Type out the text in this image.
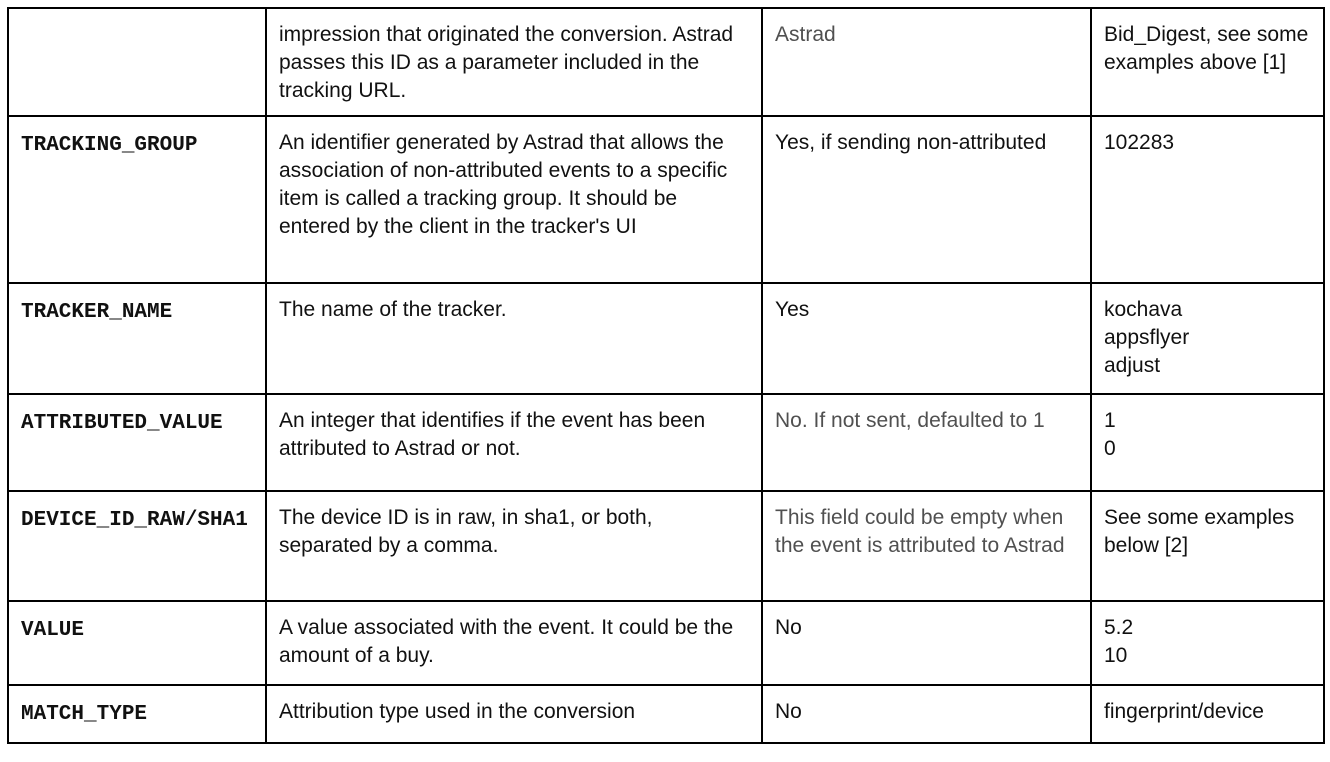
	impression that originated the conversion. Astrad passes this ID as a parameter included in the tracking URL.	Astrad	Bid_Digest, see some examples above [1]

TRACKING_GROUP	An identifier generated by Astrad that allows the association of non-attributed events to a specific item is called a tracking group. It should be entered by the client in the tracker's UI	Yes, if sending non-attributed	102283

TRACKER_NAME	The name of the tracker.	Yes	kochava
appsflyer
adjust

ATTRIBUTED_VALUE	An integer that identifies if the event has been attributed to Astrad or not.	No. If not sent, defaulted to 1	1
0

DEVICE_ID_RAW/SHA1	The device ID is in raw, in sha1, or both, separated by a comma.	This field could be empty when the event is attributed to Astrad	See some examples below [2]

VALUE	A value associated with the event. It could be the amount of a buy.	No	5.2
10

MATCH_TYPE	Attribution type used in the conversion	No	fingerprint/device
